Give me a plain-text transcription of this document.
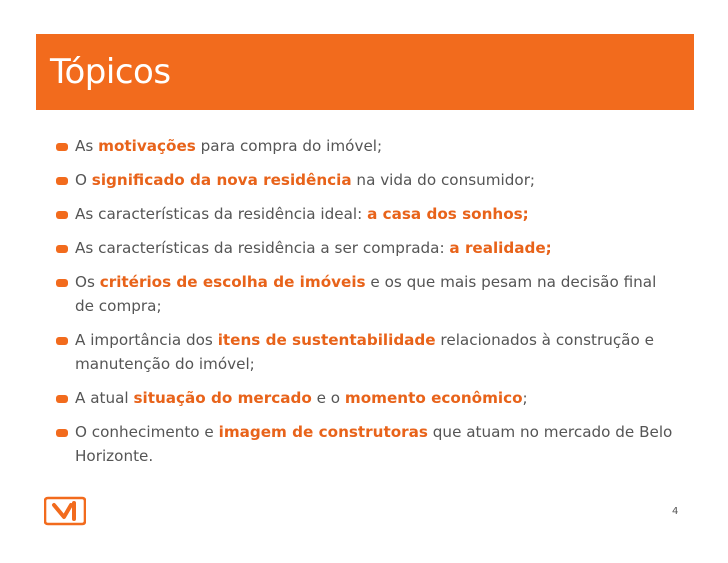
Tópicos
As motivações para compra do imóvel;
O significado da nova residência na vida do consumidor;
As características da residência ideal: a casa dos sonhos;
As características da residência a ser comprada: a realidade;
Os critérios de escolha de imóveis e os que mais pesam na decisão final de compra;
A importância dos itens de sustentabilidade relacionados à construção e manutenção do imóvel;
A atual situação do mercado e o momento econômico;
O conhecimento e imagem de construtoras que atuam no mercado de Belo Horizonte.
4
